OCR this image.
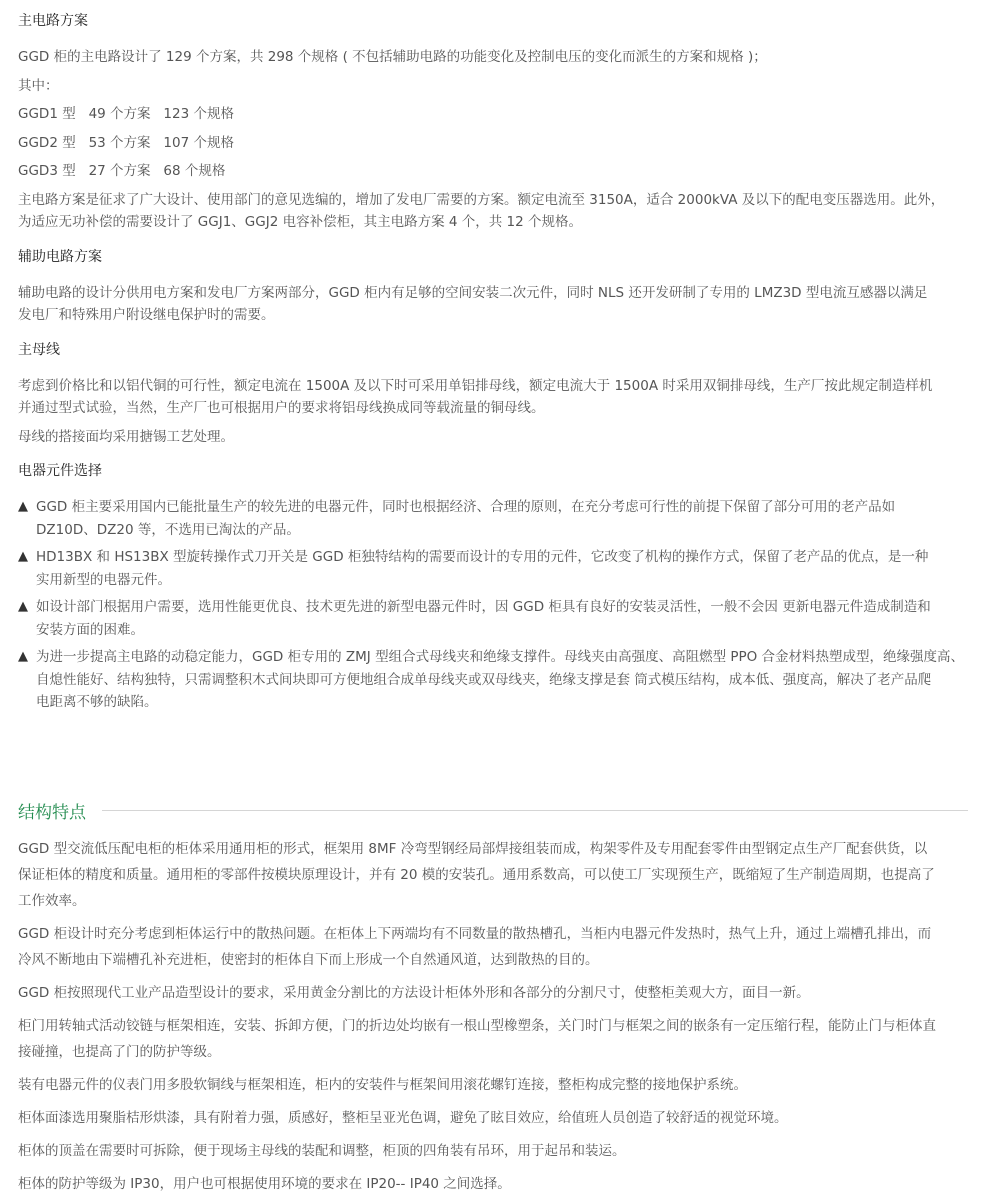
主电路方案

GGD 柜的主电路设计了 129 个方案，共 298 个规格 ( 不包括辅助电路的功能变化及控制电压的变化而派生的方案和规格 )；

其中：

GGD1 型   49 个方案   123 个规格

GGD2 型   53 个方案   107 个规格

GGD3 型   27 个方案   68 个规格

主电路方案是征求了广大设计、使用部门的意见选编的，增加了发电厂需要的方案。额定电流至 3150A，适合 2000kVA 及以下的配电变压器选用。此外，

为适应无功补偿的需要设计了 GGJ1、GGJ2 电容补偿柜，其主电路方案 4 个，共 12 个规格。

辅助电路方案

辅助电路的设计分供用电方案和发电厂方案两部分，GGD 柜内有足够的空间安装二次元件，同时 NLS 还开发研制了专用的 LMZ3D 型电流互感器以满足

发电厂和特殊用户附设继电保护时的需要。

主母线

考虑到价格比和以铝代铜的可行性，额定电流在 1500A 及以下时可采用单铝排母线，额定电流大于 1500A 时采用双铜排母线，生产厂按此规定制造样机

并通过型式试验，当然，生产厂也可根据用户的要求将铝母线换成同等载流量的铜母线。

母线的搭接面均采用搪锡工艺处理。

电器元件选择
▲ GGD 柜主要采用国内已能批量生产的较先进的电器元件，同时也根据经济、合理的原则，在充分考虑可行性的前提下保留了部分可用的老产品如
DZ10D、DZ20 等，不选用已淘汰的产品。
▲ HD13BX 和 HS13BX 型旋转操作式刀开关是 GGD 柜独特结构的需要而设计的专用的元件，它改变了机构的操作方式，保留了老产品的优点，是一种
实用新型的电器元件。
▲ 如设计部门根据用户需要，选用性能更优良、技术更先进的新型电器元件时，因 GGD 柜具有良好的安装灵活性，一般不会因 更新电器元件造成制造和
安装方面的困难。
▲ 为进一步提高主电路的动稳定能力，GGD 柜专用的 ZMJ 型组合式母线夹和绝缘支撑件。母线夹由高强度、高阻燃型 PPO 合金材料热塑成型，绝缘强度高、
自熄性能好、结构独特，只需调整积木式间块即可方便地组合成单母线夹或双母线夹，绝缘支撑是套 筒式模压结构，成本低、强度高，解决了老产品爬
电距离不够的缺陷。
结构特点

GGD 型交流低压配电柜的柜体采用通用柜的形式，框架用 8MF 冷弯型钢经局部焊接组装而成，构架零件及专用配套零件由型钢定点生产厂配套供货，以

保证柜体的精度和质量。通用柜的零部件按模块原理设计，并有 20 模的安装孔。通用系数高，可以使工厂实现预生产，既缩短了生产制造周期，也提高了

工作效率。

GGD 柜设计时充分考虑到柜体运行中的散热问题。在柜体上下两端均有不同数量的散热槽孔，当柜内电器元件发热时，热气上升，通过上端槽孔排出，而

冷风不断地由下端槽孔补充进柜，使密封的柜体自下而上形成一个自然通风道，达到散热的目的。

GGD 柜按照现代工业产品造型设计的要求，采用黄金分割比的方法设计柜体外形和各部分的分割尺寸，使整柜美观大方，面目一新。

柜门用转轴式活动铰链与框架相连，安装、拆卸方便，门的折边处均嵌有一根山型橡塑条，关门时门与框架之间的嵌条有一定压缩行程，能防止门与柜体直

接碰撞，也提高了门的防护等级。

装有电器元件的仪表门用多股软铜线与框架相连，柜内的安装件与框架间用滚花螺钉连接，整柜构成完整的接地保护系统。

柜体面漆选用聚脂桔形烘漆，具有附着力强，质感好，整柜呈亚光色调，避免了眩目效应，给值班人员创造了较舒适的视觉环境。

柜体的顶盖在需要时可拆除，便于现场主母线的装配和调整，柜顶的四角装有吊环，用于起吊和装运。

柜体的防护等级为 IP30，用户也可根据使用环境的要求在 IP20-- IP40 之间选择。
